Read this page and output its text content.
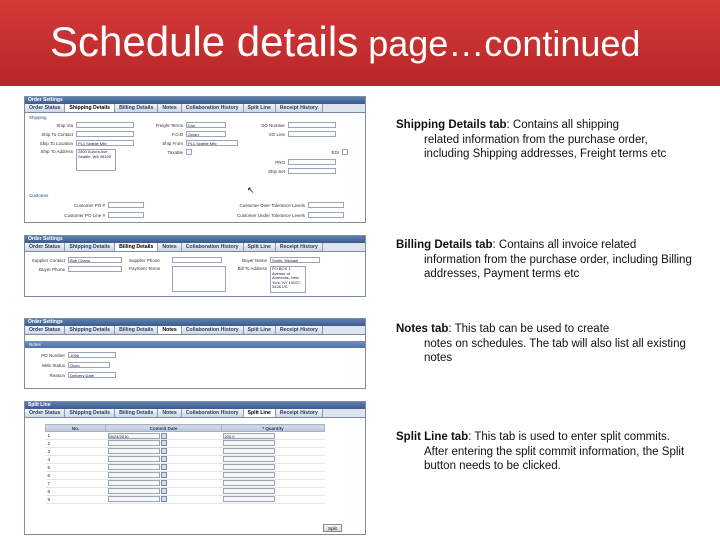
Schedule details page…continued
Order Settings
Order Status	Shipping Details	Billing Details	Notes	Collaboration History	Split Line	Receipt History
Shipping
Ship Via
Ship To Contact
Ship To Location	PL1 Seattle Mfg
Ship To Address	2800 Aurora Ave, Seattle, WA 98109
Freight Terms	Due
F.O.B	Origin
Ship From	PL1 Seattle Mfg
Taxable
SO Number
SO Line
EDI
PRO
Ship Set
↖
Customer
Customer PO #
Customer PO Line #
Customer Over Tolerance Levels
Customer Under Tolerance Levels
Order Settings
Order Status	Shipping Details	Billing Details	Notes	Collaboration History	Split Line	Receipt History
Supplier Contact	Bob Chang
Buyer Phone
Supplier Phone
Payment Terms
Buyer Name	Smith, Michael
Bill To Address	PO BOX 1 Avenue of Americas, New York, NY 10027-3428 US
Order Settings
Order Status	Shipping Details	Billing Details	Notes	Collaboration History	Split Line	Receipt History
Notes
PO Number	1056
Web Status	Open
Reason	Delivery Date
Split Line
Order Status	Shipping Details	Billing Details	Notes	Collaboration History	Split Line	Receipt History
No.	Commit Date	* Quantity
1	09/24/2010	200.0
2		
3		
4		
5		
6		
7		
8		
9		
Split
Shipping Details tab: Contains all shipping
related information from the purchase order, including Shipping addresses, Freight terms etc
Billing Details tab: Contains all invoice related
information from the purchase order, including Billing addresses, Payment terms etc
Notes tab: This tab can be used to create
notes on schedules. The tab will also list all existing notes
Split Line tab: This tab is used to enter split commits.
After entering the split commit information, the Split button needs to be clicked.
